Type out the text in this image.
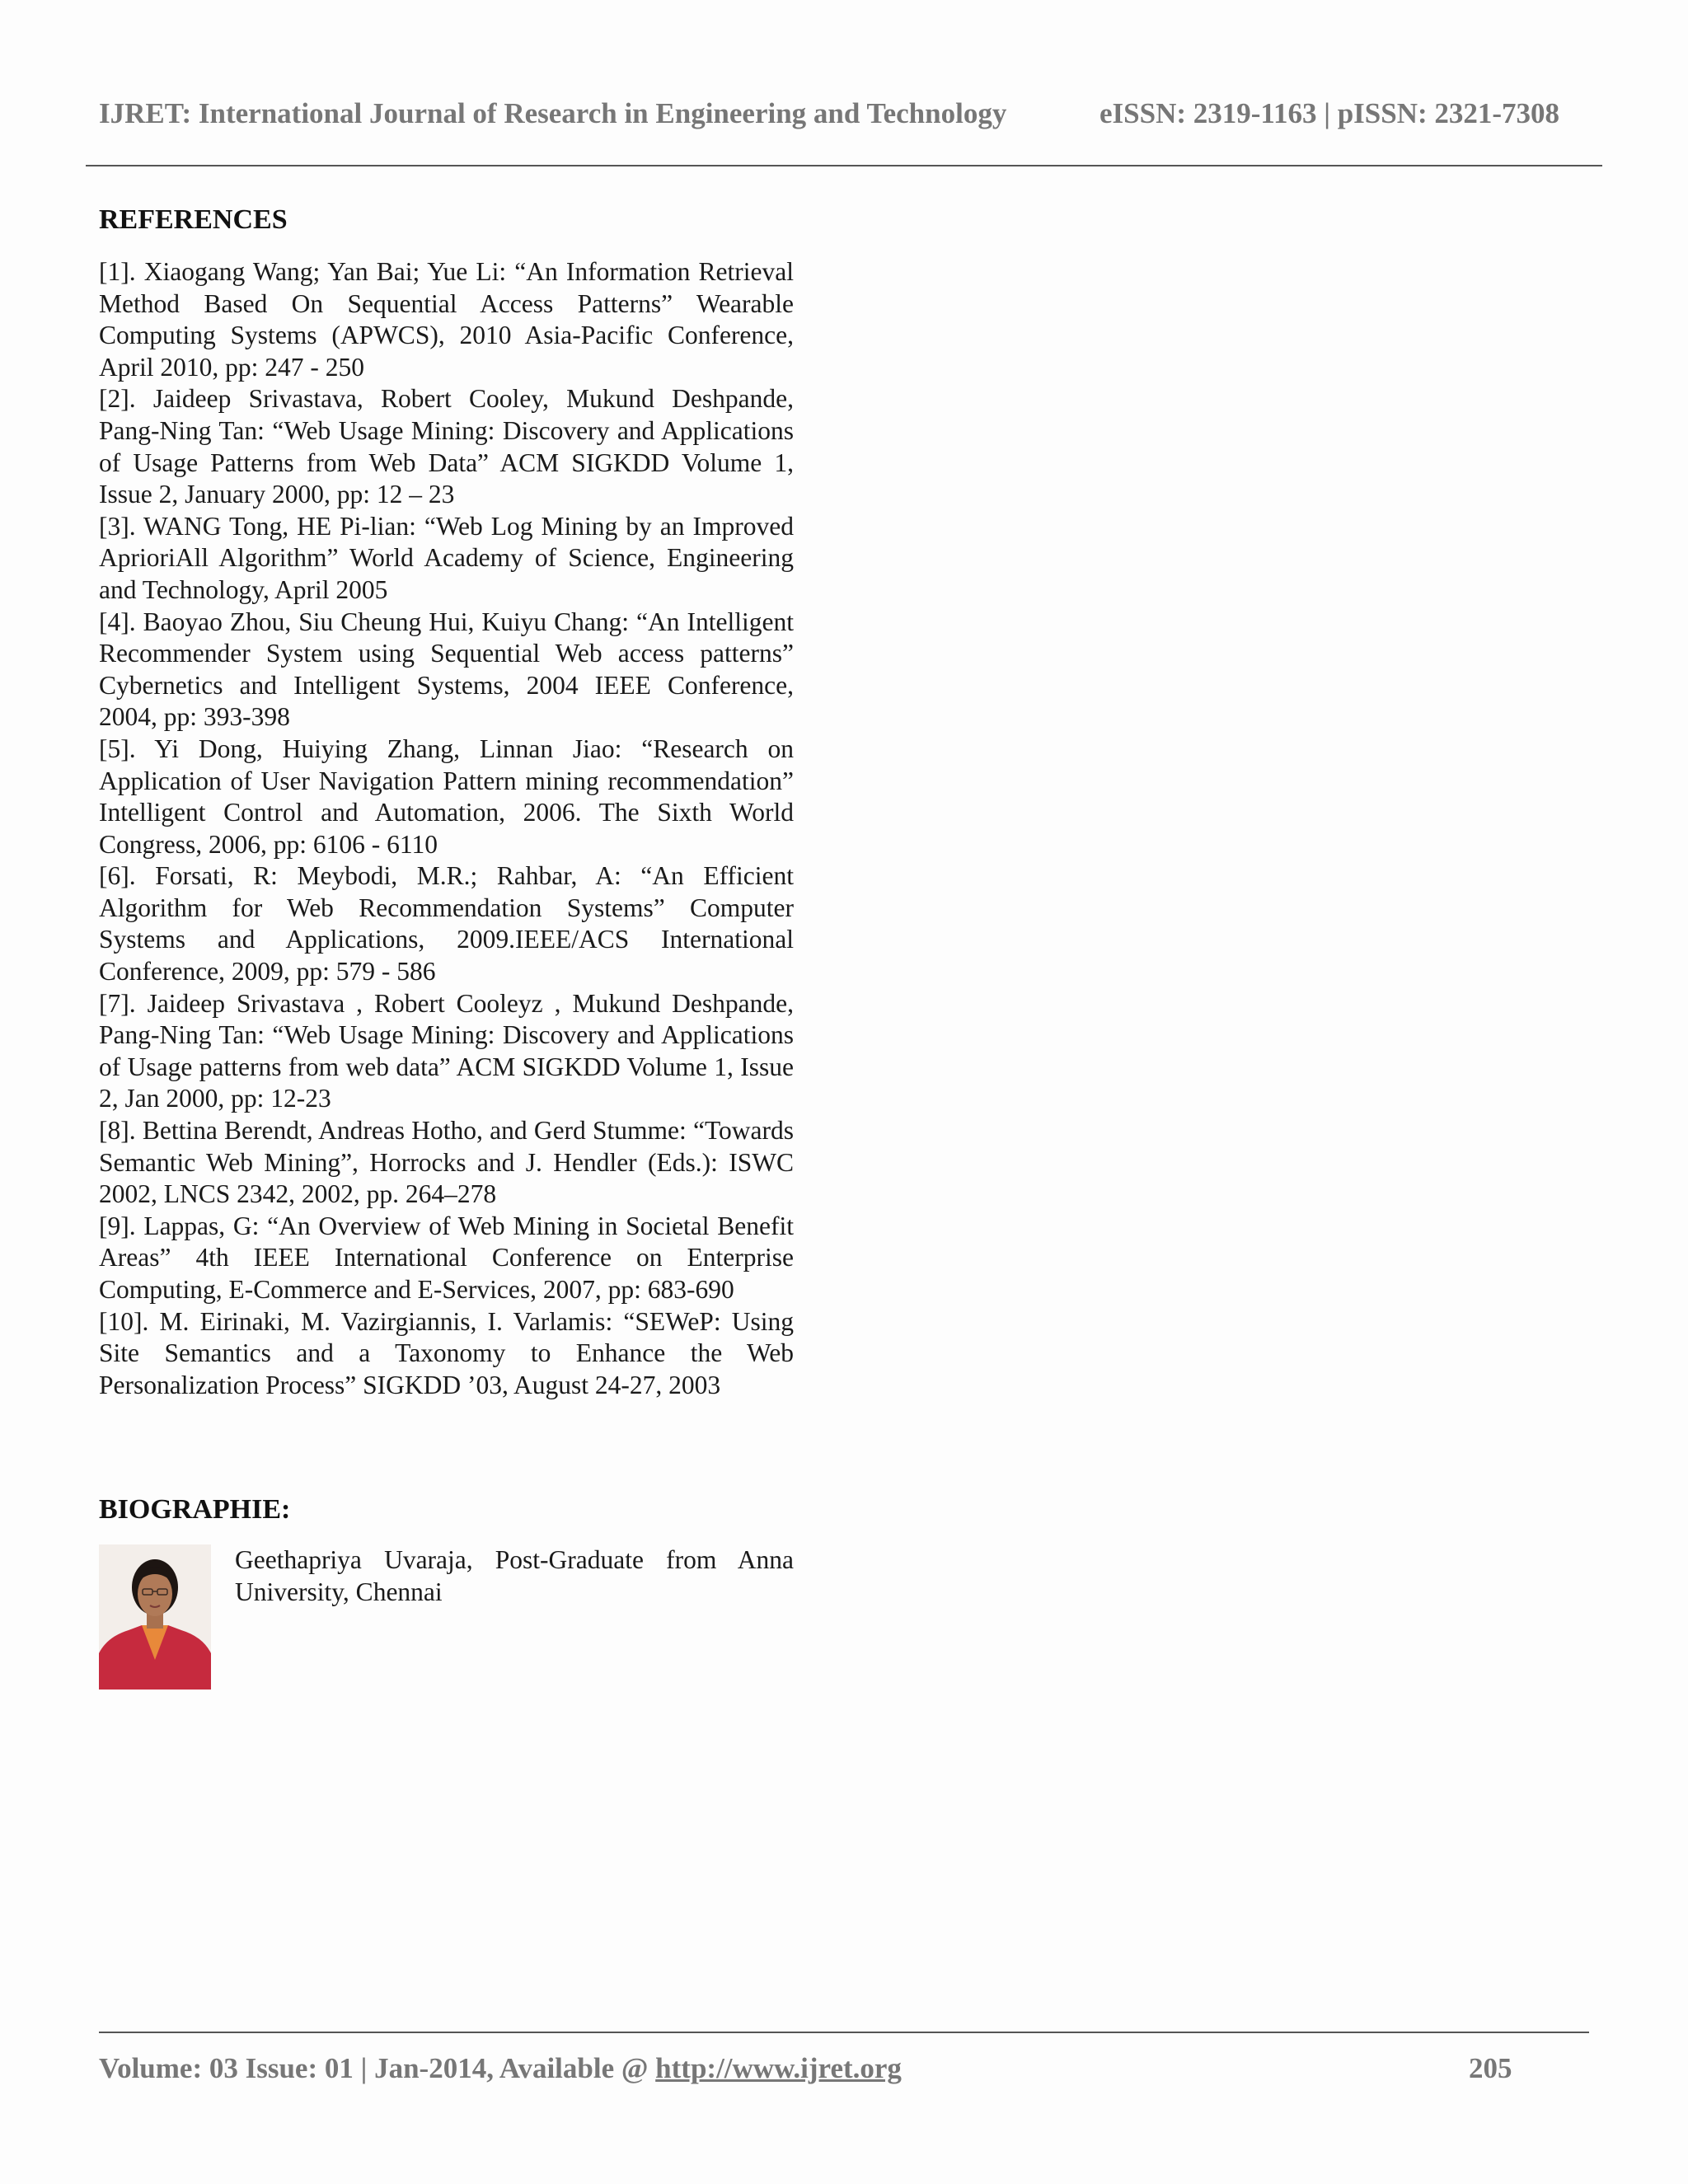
IJRET: International Journal of Research in Engineering and Technology	eISSN: 2319-1163 | pISSN: 2321-7308
REFERENCES

[1]. Xiaogang Wang; Yan Bai; Yue Li: “An Information Retrieval Method Based On Sequential Access Patterns” Wearable Computing Systems (APWCS), 2010 Asia-Pacific Conference, April 2010, pp: 247 - 250

[2]. Jaideep Srivastava, Robert Cooley, Mukund Deshpande, Pang-Ning Tan: “Web Usage Mining: Discovery and Applications of Usage Patterns from Web Data” ACM SIGKDD Volume 1, Issue 2, January 2000, pp: 12 – 23

[3]. WANG Tong, HE Pi-lian: “Web Log Mining by an Improved AprioriAll Algorithm” World Academy of Science, Engineering and Technology, April 2005

[4]. Baoyao Zhou, Siu Cheung Hui, Kuiyu Chang: “An Intelligent Recommender System using Sequential Web access patterns” Cybernetics and Intelligent Systems, 2004 IEEE Conference, 2004, pp: 393-398

[5]. Yi Dong, Huiying Zhang, Linnan Jiao: “Research on Application of User Navigation Pattern mining recommendation” Intelligent Control and Automation, 2006. The Sixth World Congress, 2006, pp: 6106 - 6110

[6]. Forsati, R: Meybodi, M.R.; Rahbar, A: “An Efficient Algorithm for Web Recommendation Systems” Computer Systems and Applications, 2009.IEEE/ACS International Conference, 2009, pp: 579 - 586

[7]. Jaideep Srivastava , Robert Cooleyz , Mukund Deshpande, Pang-Ning Tan: “Web Usage Mining: Discovery and Applications of Usage patterns from web data” ACM SIGKDD Volume 1, Issue 2, Jan 2000, pp: 12-23

[8]. Bettina Berendt, Andreas Hotho, and Gerd Stumme: “Towards Semantic Web Mining”, Horrocks and J. Hendler (Eds.): ISWC 2002, LNCS 2342, 2002, pp. 264–278

[9]. Lappas, G: “An Overview of Web Mining in Societal Benefit Areas” 4th IEEE International Conference on Enterprise Computing, E-Commerce and E-Services, 2007, pp: 683-690

[10]. M. Eirinaki, M. Vazirgiannis, I. Varlamis: “SEWeP: Using Site Semantics and a Taxonomy to Enhance the Web Personalization Process” SIGKDD ’03, August 24-27, 2003

BIOGRAPHIE:
Geethapriya Uvaraja, Post-Graduate from Anna University, Chennai
Volume: 03 Issue: 01 | Jan-2014, Available @ http://www.ijret.org	205
